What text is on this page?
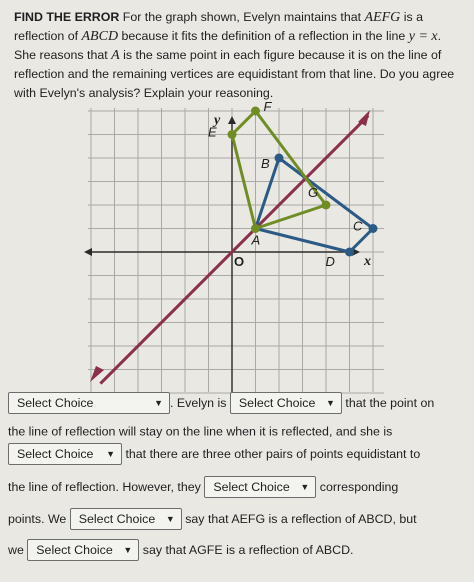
FIND THE ERROR For the graph shown, Evelyn maintains that AEFG is a reflection of ABCD because it fits the definition of a reflection in the line y = x. She reasons that A is the same point in each figure because it is on the line of reflection and the remaining vertices are equidistant from that line. Do you agree with Evelyn's analysis? Explain your reasoning.
A
B
C
D
E
F
G
x
y
O
Select Choice	▼ . Evelyn is Select Choice ▼ that the point on
the line of reflection will stay on the line when it is reflected, and she is
Select Choice ▼ that there are three other pairs of points equidistant to
the line of reflection. However, they Select Choice ▼ corresponding
points. We Select Choice ▼ say that AEFG is a reflection of ABCD, but
we Select Choice ▼ say that AGFE is a reflection of ABCD.
